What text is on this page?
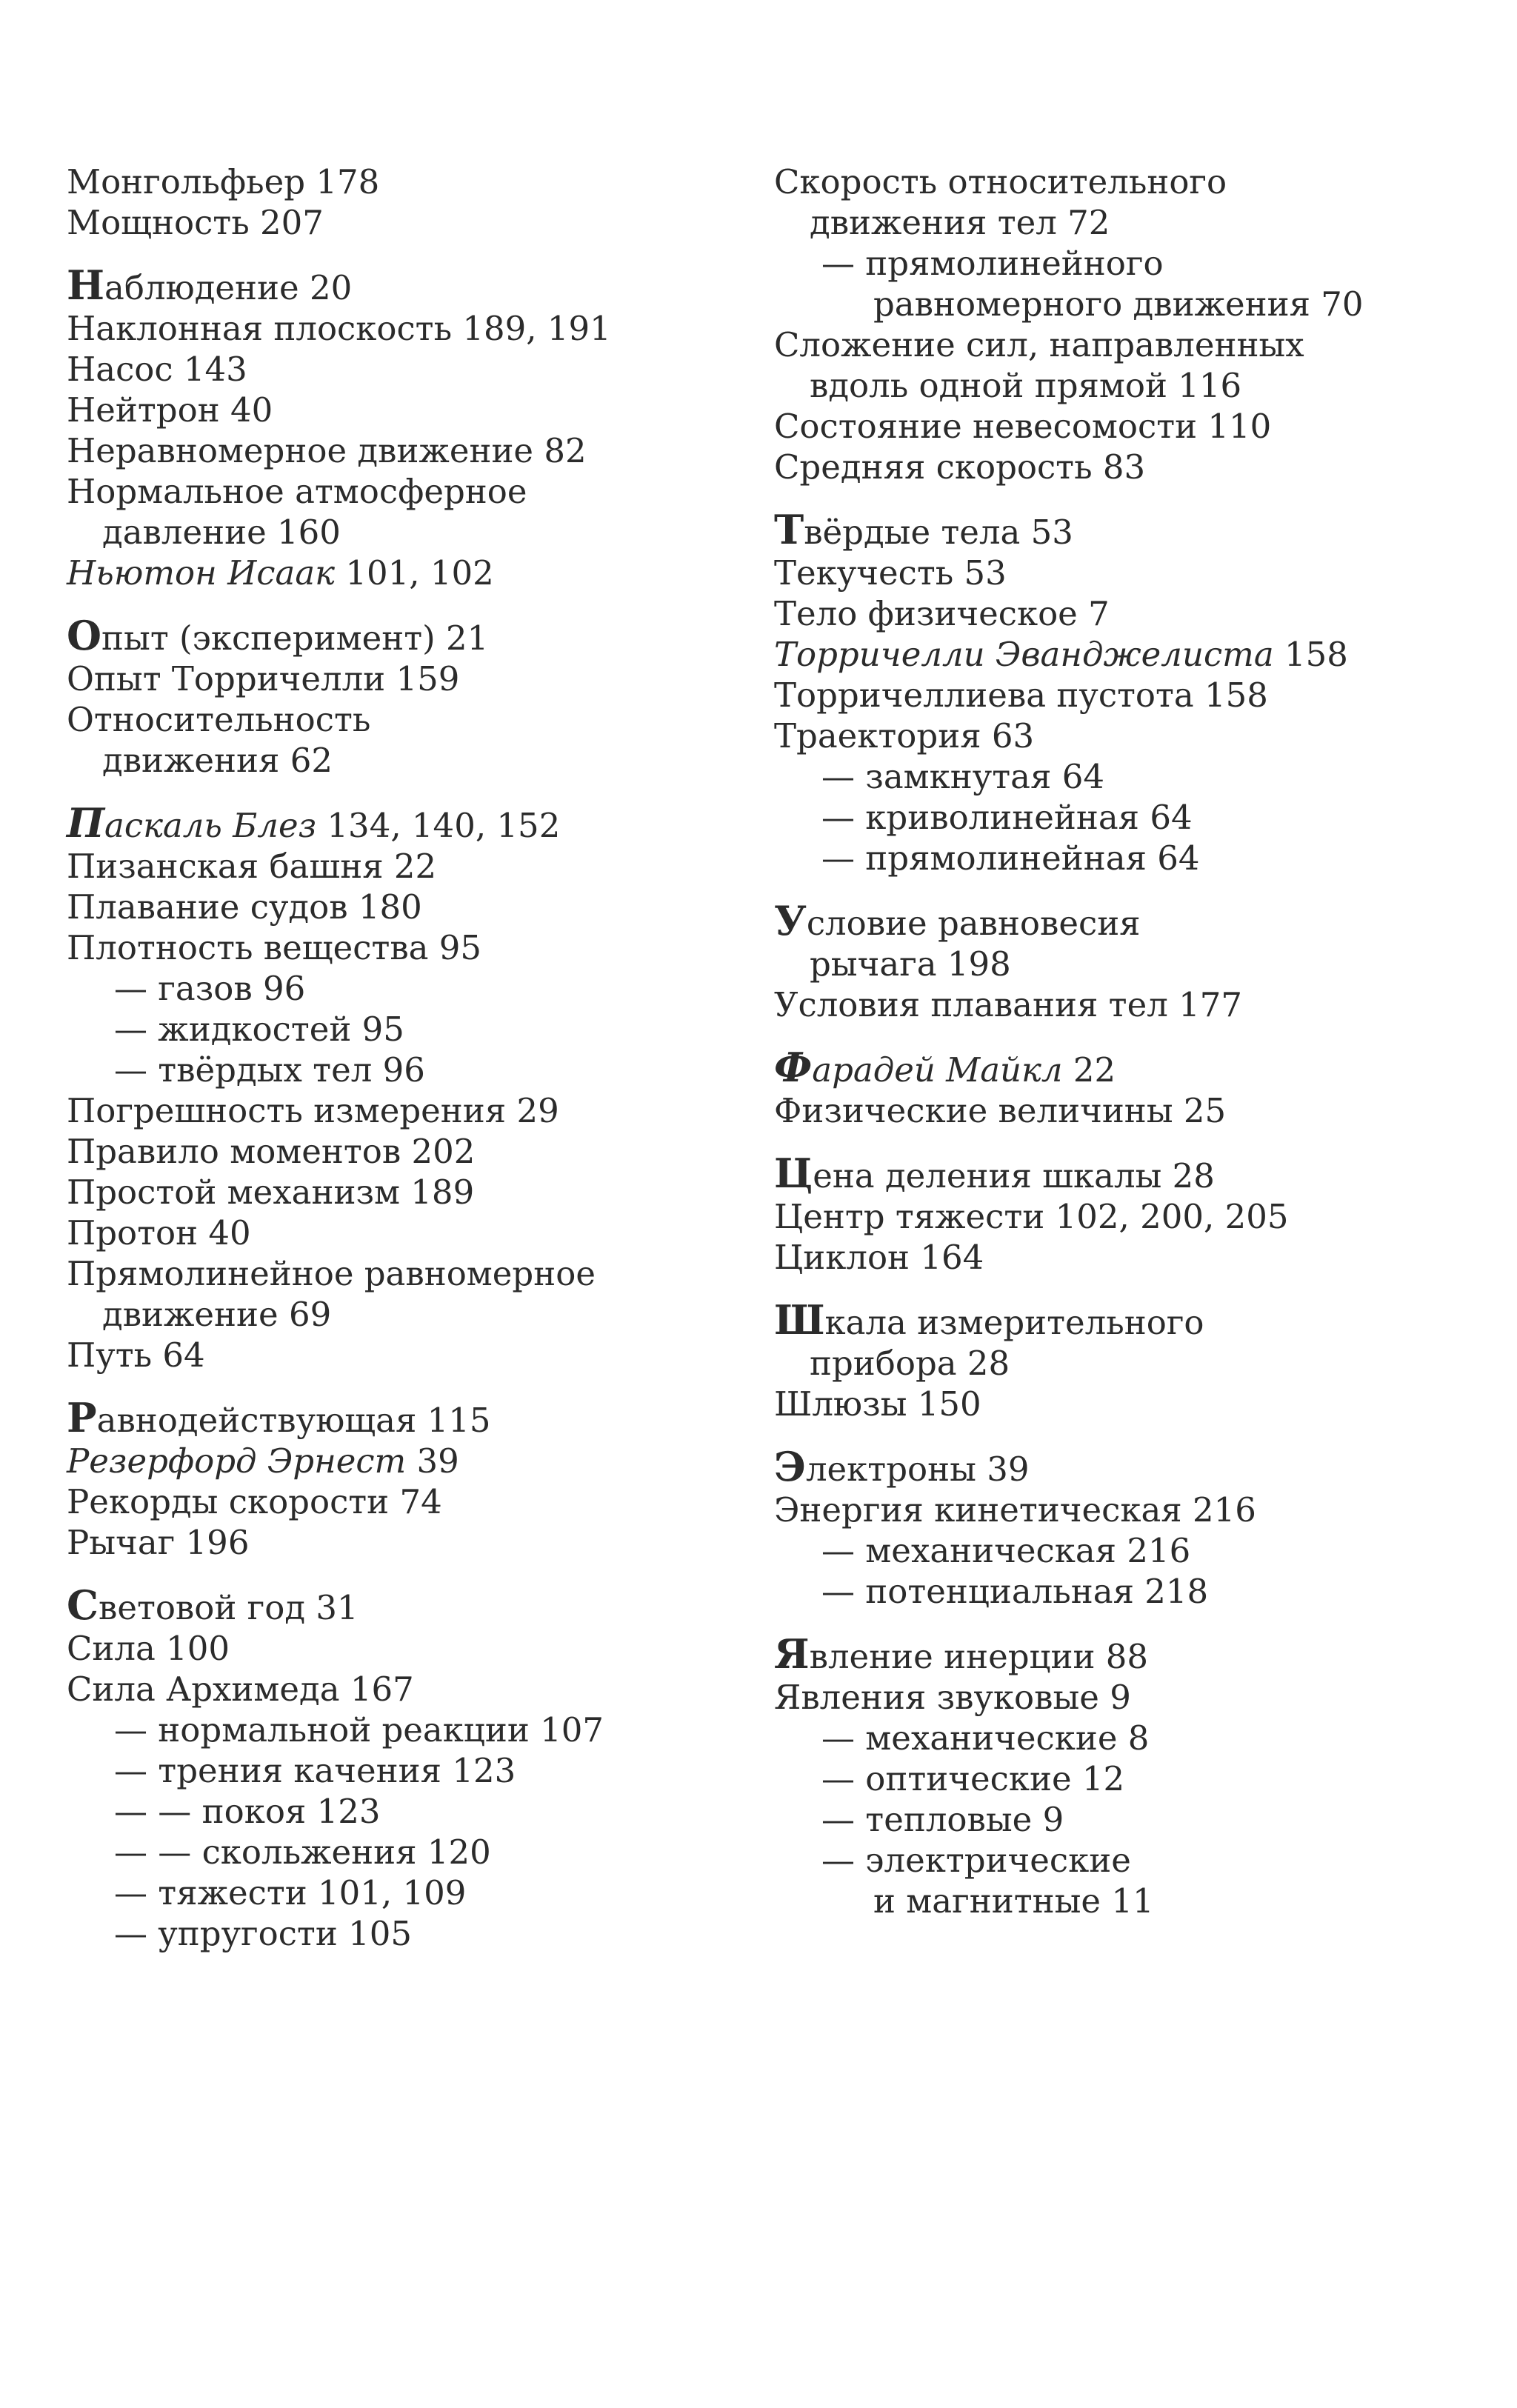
Монгольфьер 178
Мощность 207
Наблюдение 20
Наклонная плоскость 189, 191
Насос 143
Нейтрон 40
Неравномерное движение 82
Нормальное атмосферное
давление 160
Ньютон Исаак 101, 102
Опыт (эксперимент) 21
Опыт Торричелли 159
Относительность
движения 62
Паскаль Блез 134, 140, 152
Пизанская башня 22
Плавание судов 180
Плотность вещества 95
— газов 96
— жидкостей 95
— твёрдых тел 96
Погрешность измерения 29
Правило моментов 202
Простой механизм 189
Протон 40
Прямолинейное равномерное
движение 69
Путь 64
Равнодействующая 115
Резерфорд Эрнест 39
Рекорды скорости 74
Рычаг 196
Световой год 31
Сила 100
Сила Архимеда 167
— нормальной реакции 107
— трения качения 123
— — покоя 123
— — скольжения 120
— тяжести 101, 109
— упругости 105
Скорость относительного
движения тел 72
— прямолинейного
равномерного движения 70
Сложение сил, направленных
вдоль одной прямой 116
Состояние невесомости 110
Средняя скорость 83
Твёрдые тела 53
Текучесть 53
Тело физическое 7
Торричелли Эванджелиста 158
Торричеллиева пустота 158
Траектория 63
— замкнутая 64
— криволинейная 64
— прямолинейная 64
Условие равновесия
рычага 198
Условия плавания тел 177
Фарадей Майкл 22
Физические величины 25
Цена деления шкалы 28
Центр тяжести 102, 200, 205
Циклон 164
Шкала измерительного
прибора 28
Шлюзы 150
Электроны 39
Энергия кинетическая 216
— механическая 216
— потенциальная 218
Явление инерции 88
Явления звуковые 9
— механические 8
— оптические 12
— тепловые 9
— электрические
и магнитные 11
